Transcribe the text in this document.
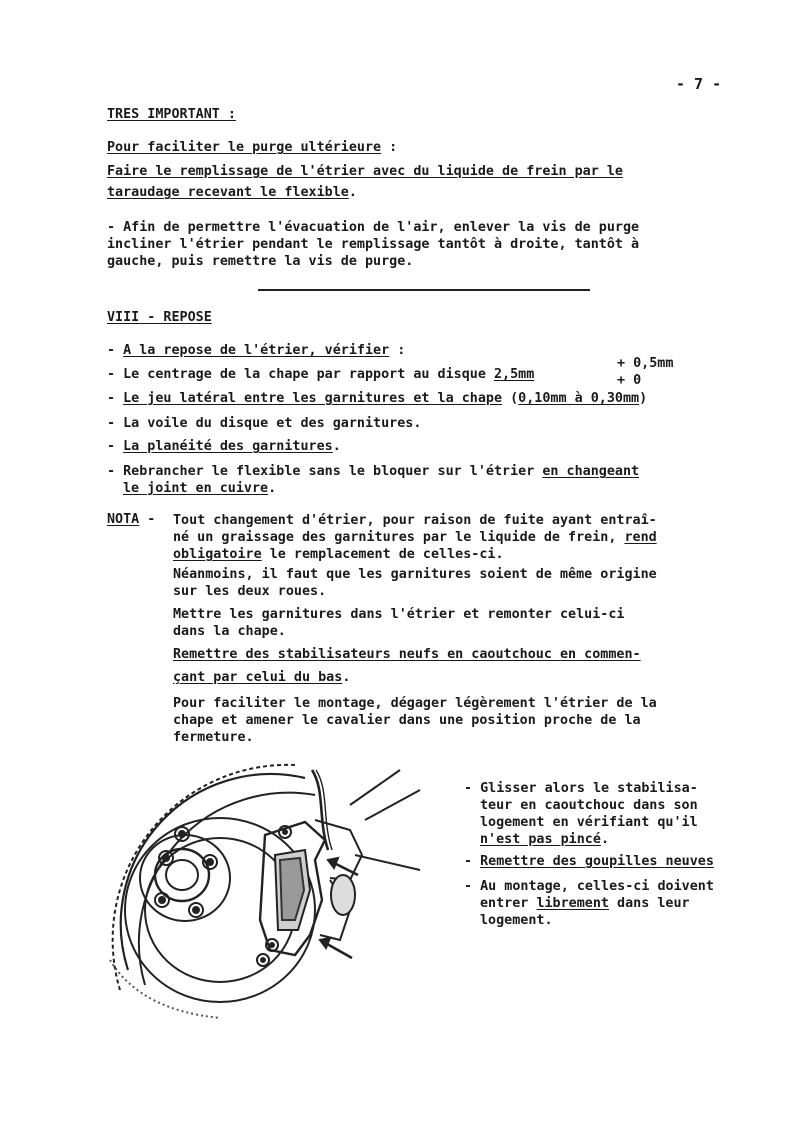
- 7 -
TRES IMPORTANT :
Pour faciliter le purge ultérieure :
Faire le remplissage de l'étrier avec du liquide de frein par le
taraudage recevant le flexible.
- Afin de permettre l'évacuation de l'air, enlever la vis de purge
incliner l'étrier pendant le remplissage tantôt à droite, tantôt à
gauche, puis remettre la vis de purge.
VIII - REPOSE
- A la repose de l'étrier, vérifier :
- Le centrage de la chape par rapport au disque 2,5mm
+ 0,5mm
+ 0
- Le jeu latéral entre les garnitures et la chape (0,10mm à 0,30mm)
- La voile du disque et des garnitures.
- La planéité des garnitures.
- Rebrancher le flexible sans le bloquer sur l'étrier en changeant
le joint en cuivre.
NOTA - Tout changement d'étrier, pour raison de fuite ayant entraî-
né un graissage des garnitures par le liquide de frein, rend
obligatoire le remplacement de celles-ci.
Néanmoins, il faut que les garnitures soient de même origine
sur les deux roues.
Mettre les garnitures dans l'étrier et remonter celui-ci
dans la chape.
Remettre des stabilisateurs neufs en caoutchouc en commen-
çant par celui du bas.
Pour faciliter le montage, dégager légèrement l'étrier de la
chape et amener le cavalier dans une position proche de la
fermeture.
- Glisser alors le stabilisa-
teur en caoutchouc dans son
logement en vérifiant qu'il
n'est pas pincé.
- Remettre des goupilles neuves
- Au montage, celles-ci doivent
entrer librement dans leur
logement.
